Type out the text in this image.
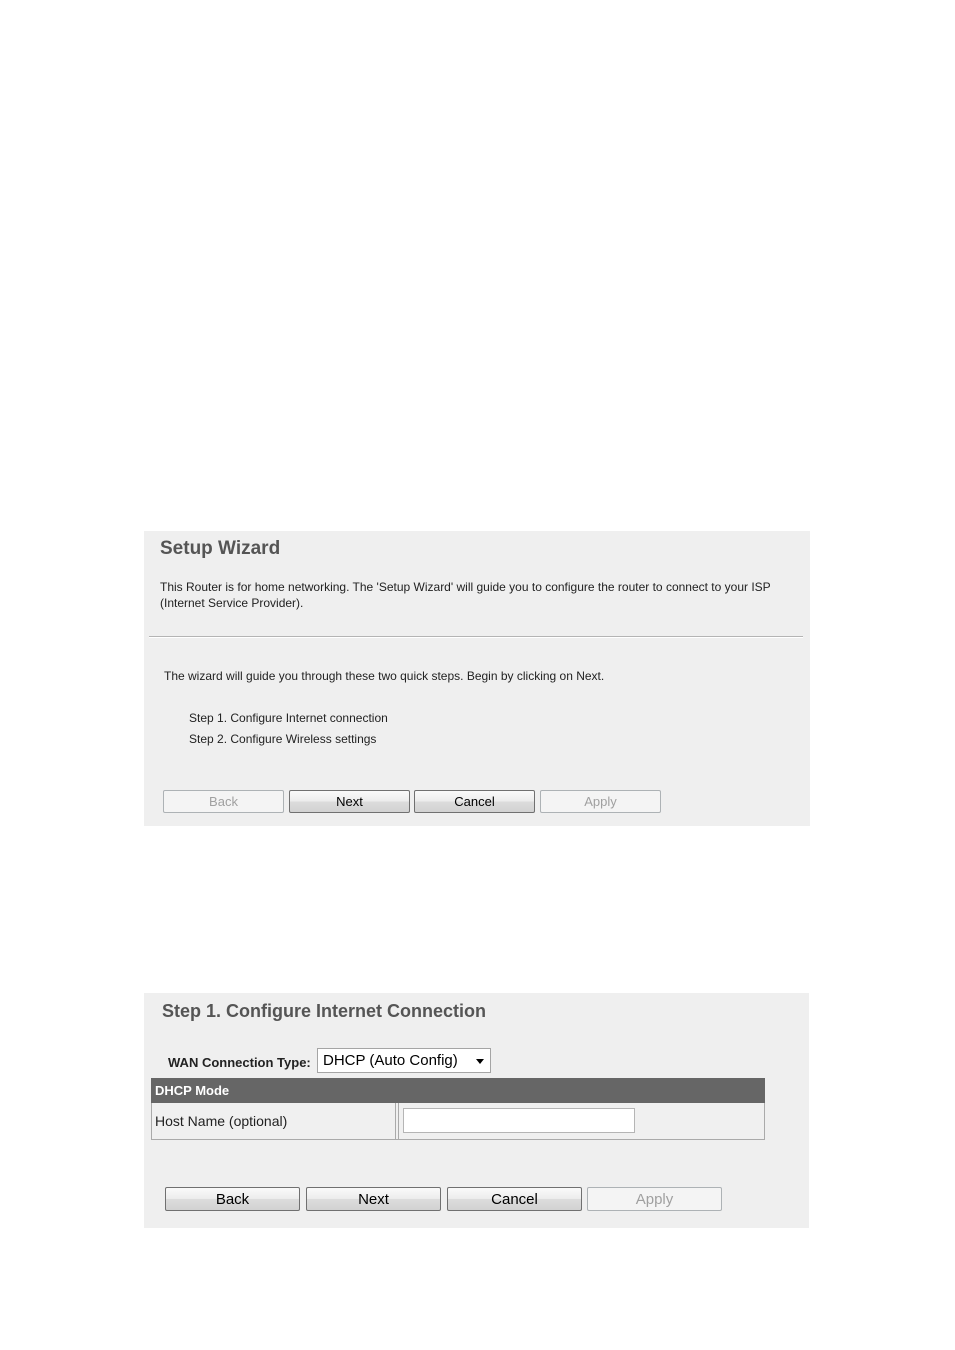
Setup Wizard

This Router is for home networking. The 'Setup Wizard' will guide you to configure the router to connect to your ISP (Internet Service Provider).

The wizard will guide you through these two quick steps. Begin by clicking on Next.
Step 1. Configure Internet connection
Step 2. Configure Wireless settings
Back	Next	Cancel	Apply
Step 1. Configure Internet Connection
WAN Connection Type: DHCP (Auto Config)
DHCP Mode
Host Name (optional)
Back	Next	Cancel	Apply
